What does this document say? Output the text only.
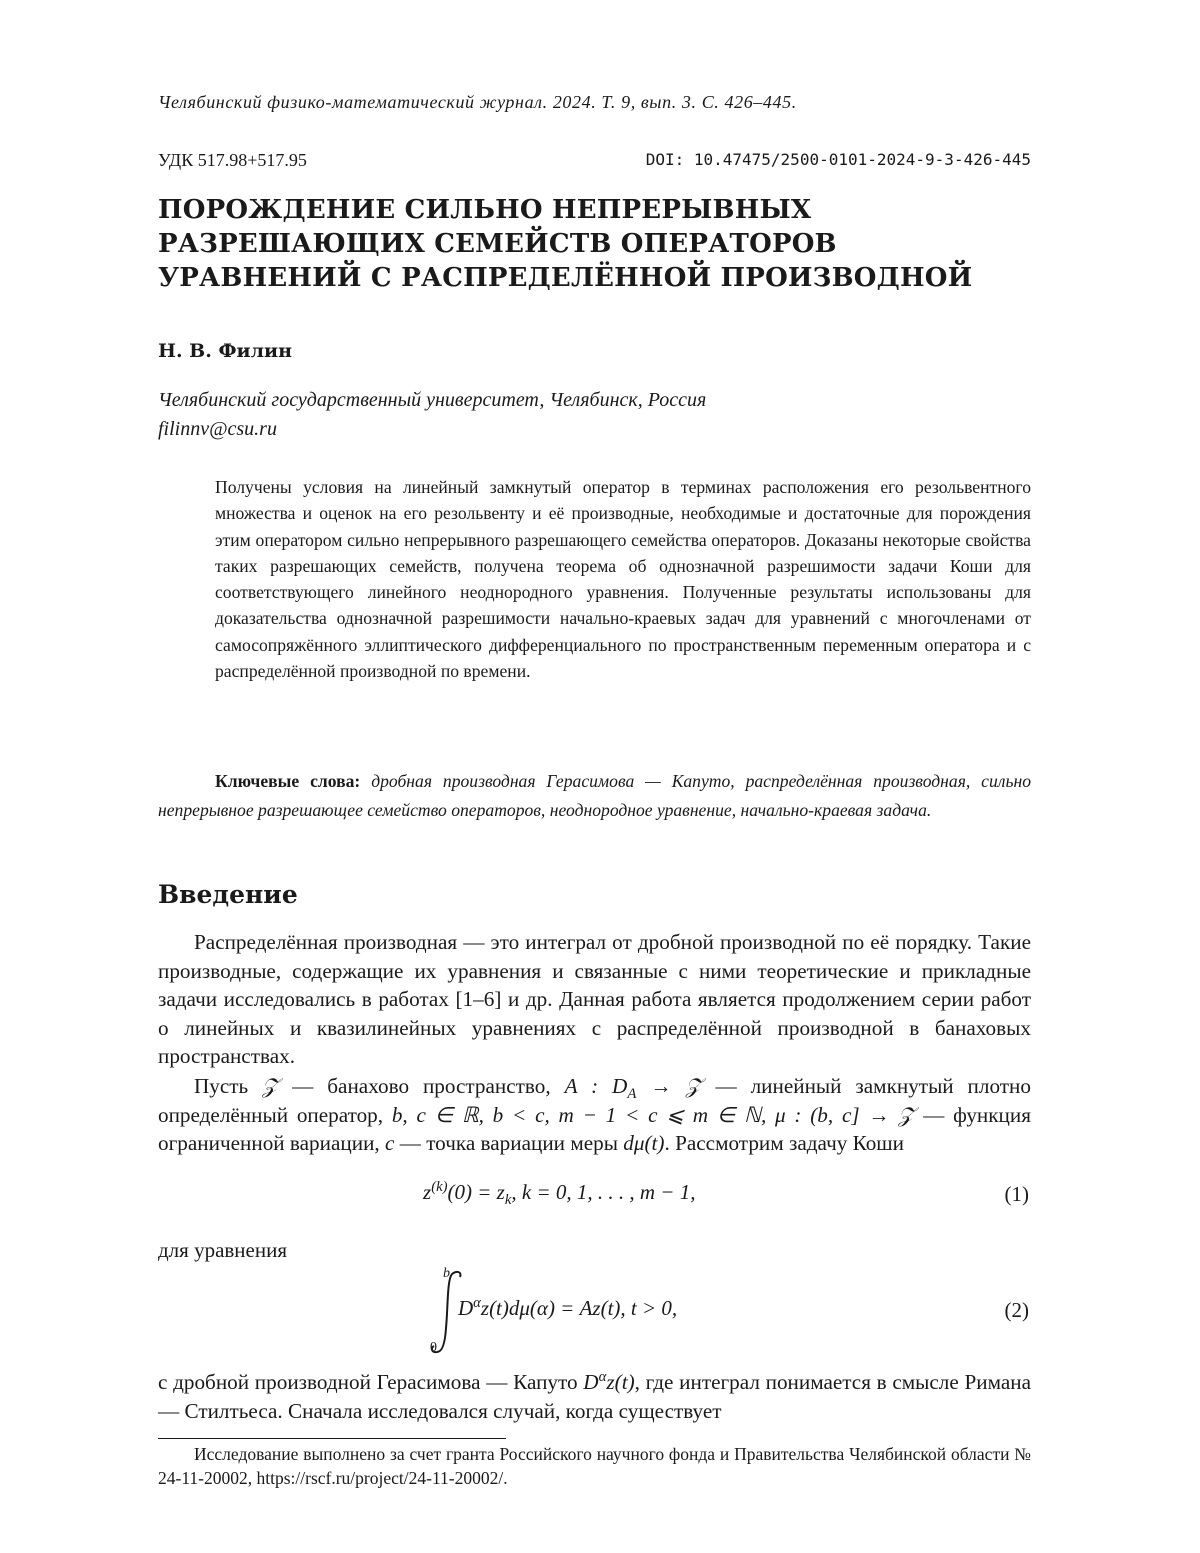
Челябинский физико-математический журнал. 2024. Т. 9, вып. 3. С. 426–445.
УДК 517.98+517.95	DOI: 10.47475/2500-0101-2024-9-3-426-445
ПОРОЖДЕНИЕ СИЛЬНО НЕПРЕРЫВНЫХ
РАЗРЕШАЮЩИХ СЕМЕЙСТВ ОПЕРАТОРОВ
УРАВНЕНИЙ С РАСПРЕДЕЛЁННОЙ ПРОИЗВОДНОЙ
Н. В. Филин
Челябинский государственный университет, Челябинск, Россия
filinnv@csu.ru

Получены условия на линейный замкнутый оператор в терминах расположения его резольвентного множества и оценок на его резольвенту и её производные, необходимые и достаточные для порождения этим оператором сильно непрерывного разрешающего семейства операторов. Доказаны некоторые свойства таких разрешающих семейств, получена теорема об однозначной разрешимости задачи Коши для соответствующего линейного неоднородного уравнения. Полученные результаты использованы для доказательства однозначной разрешимости начально-краевых задач для уравнений с многочленами от самосопряжённого эллиптического дифференциального по пространственным переменным оператора и с распределённой производной по времени.

Ключевые слова: дробная производная Герасимова — Капуто, распределённая производная, сильно непрерывное разрешающее семейство операторов, неоднородное уравнение, начально-краевая задача.

Введение

Распределённая производная — это интеграл от дробной производной по её порядку. Такие производные, содержащие их уравнения и связанные с ними теоретические и прикладные задачи исследовались в работах [1–6] и др. Данная работа является продолжением серии работ о линейных и квазилинейных уравнениях с распределённой производной в банаховых пространствах.

Пусть 𝒵 — банахово пространство, A : $D_A$ → 𝒵 — линейный замкнутый плотно определённый оператор, b, c ∈ ℝ, b < c, m − 1 < c ⩽ m ∈ ℕ, μ : (b, c] → 𝒵 — функция ограниченной вариации, c — точка вариации меры dμ(t). Рассмотрим задачу Коши

$z^{(k)}(0) = z_k$, k = 0, 1, . . . , m − 1,	(1)
для уравнения
b
0
$D^\alpha z(t)d\mu(\alpha) = Az(t)$, t > 0,	(2)

с дробной производной Герасимова — Капуто $D^\alpha z(t)$, где интеграл понимается в смысле Римана — Стилтьеса. Сначала исследовался случай, когда существует

Исследование выполнено за счет гранта Российского научного фонда и Правительства Челябинской области № 24-11-20002, https://rscf.ru/project/24-11-20002/.
